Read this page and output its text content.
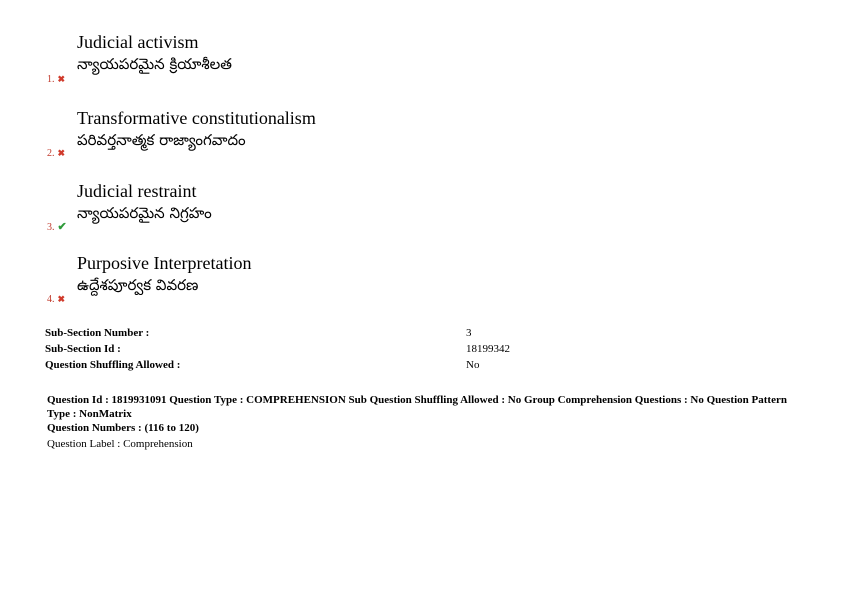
Judicial activism
న్యాయపరమైన క్రియాశీలత
1. ✖
Transformative constitutionalism
పరివర్తనాత్మక రాజ్యాంగవాదం
2. ✖
Judicial restraint
న్యాయపరమైన నిగ్రహం
3. ✔
Purposive Interpretation
ఉద్దేశపూర్వక వివరణ
4. ✖
Sub-Section Number :	3
Sub-Section Id :	18199342
Question Shuffling Allowed :	No
Question Id : 1819931091 Question Type : COMPREHENSION Sub Question Shuffling Allowed : No Group Comprehension Questions : No Question Pattern Type : NonMatrix
Question Numbers : (116 to 120)
Question Label : Comprehension
